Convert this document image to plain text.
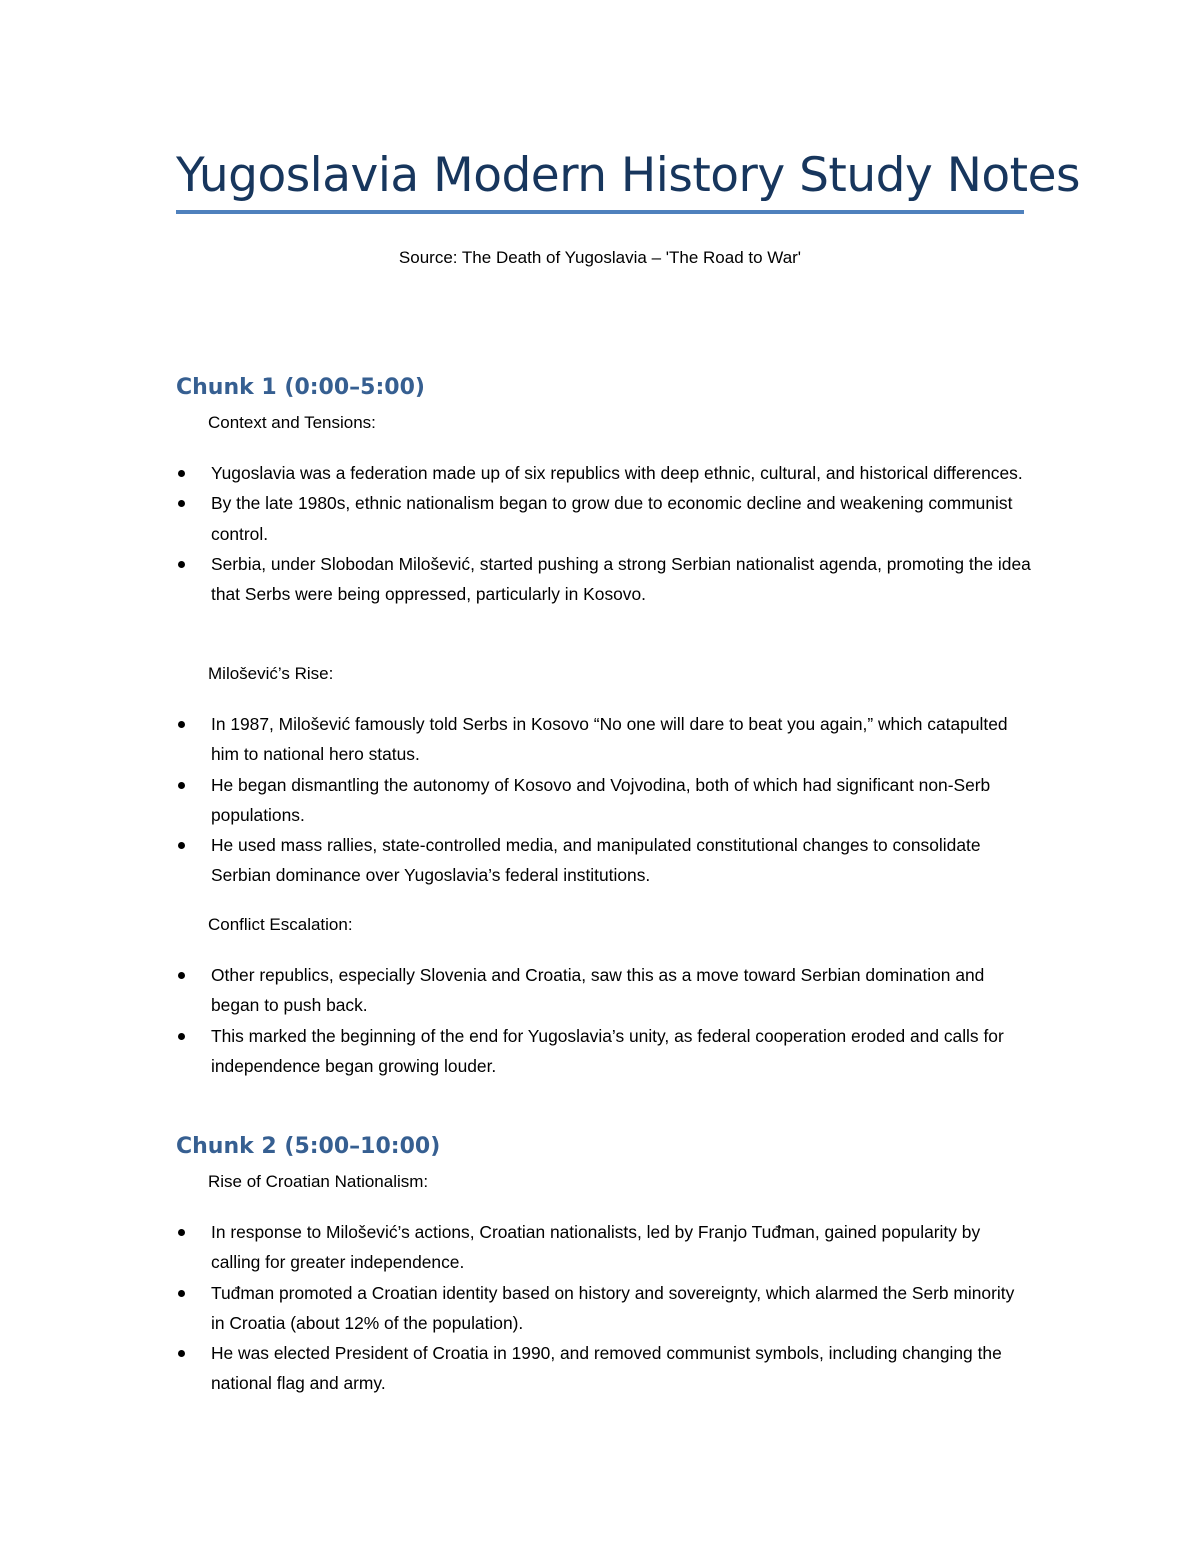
Yugoslavia Modern History Study Notes
Source: The Death of Yugoslavia – 'The Road to War'
Chunk 1 (0:00–5:00)
Context and Tensions:
Yugoslavia was a federation made up of six republics with deep ethnic, cultural, and historical differences.
By the late 1980s, ethnic nationalism began to grow due to economic decline and weakening communist control.
Serbia, under Slobodan Milošević, started pushing a strong Serbian nationalist agenda, promoting the idea that Serbs were being oppressed, particularly in Kosovo.
Milošević’s Rise:
In 1987, Milošević famously told Serbs in Kosovo “No one will dare to beat you again,” which catapulted him to national hero status.
He began dismantling the autonomy of Kosovo and Vojvodina, both of which had significant non-Serb populations.
He used mass rallies, state-controlled media, and manipulated constitutional changes to consolidate Serbian dominance over Yugoslavia’s federal institutions.
Conflict Escalation:
Other republics, especially Slovenia and Croatia, saw this as a move toward Serbian domination and began to push back.
This marked the beginning of the end for Yugoslavia’s unity, as federal cooperation eroded and calls for independence began growing louder.
Chunk 2 (5:00–10:00)
Rise of Croatian Nationalism:
In response to Milošević’s actions, Croatian nationalists, led by Franjo Tuđman, gained popularity by calling for greater independence.
Tuđman promoted a Croatian identity based on history and sovereignty, which alarmed the Serb minority in Croatia (about 12% of the population).
He was elected President of Croatia in 1990, and removed communist symbols, including changing the national flag and army.
